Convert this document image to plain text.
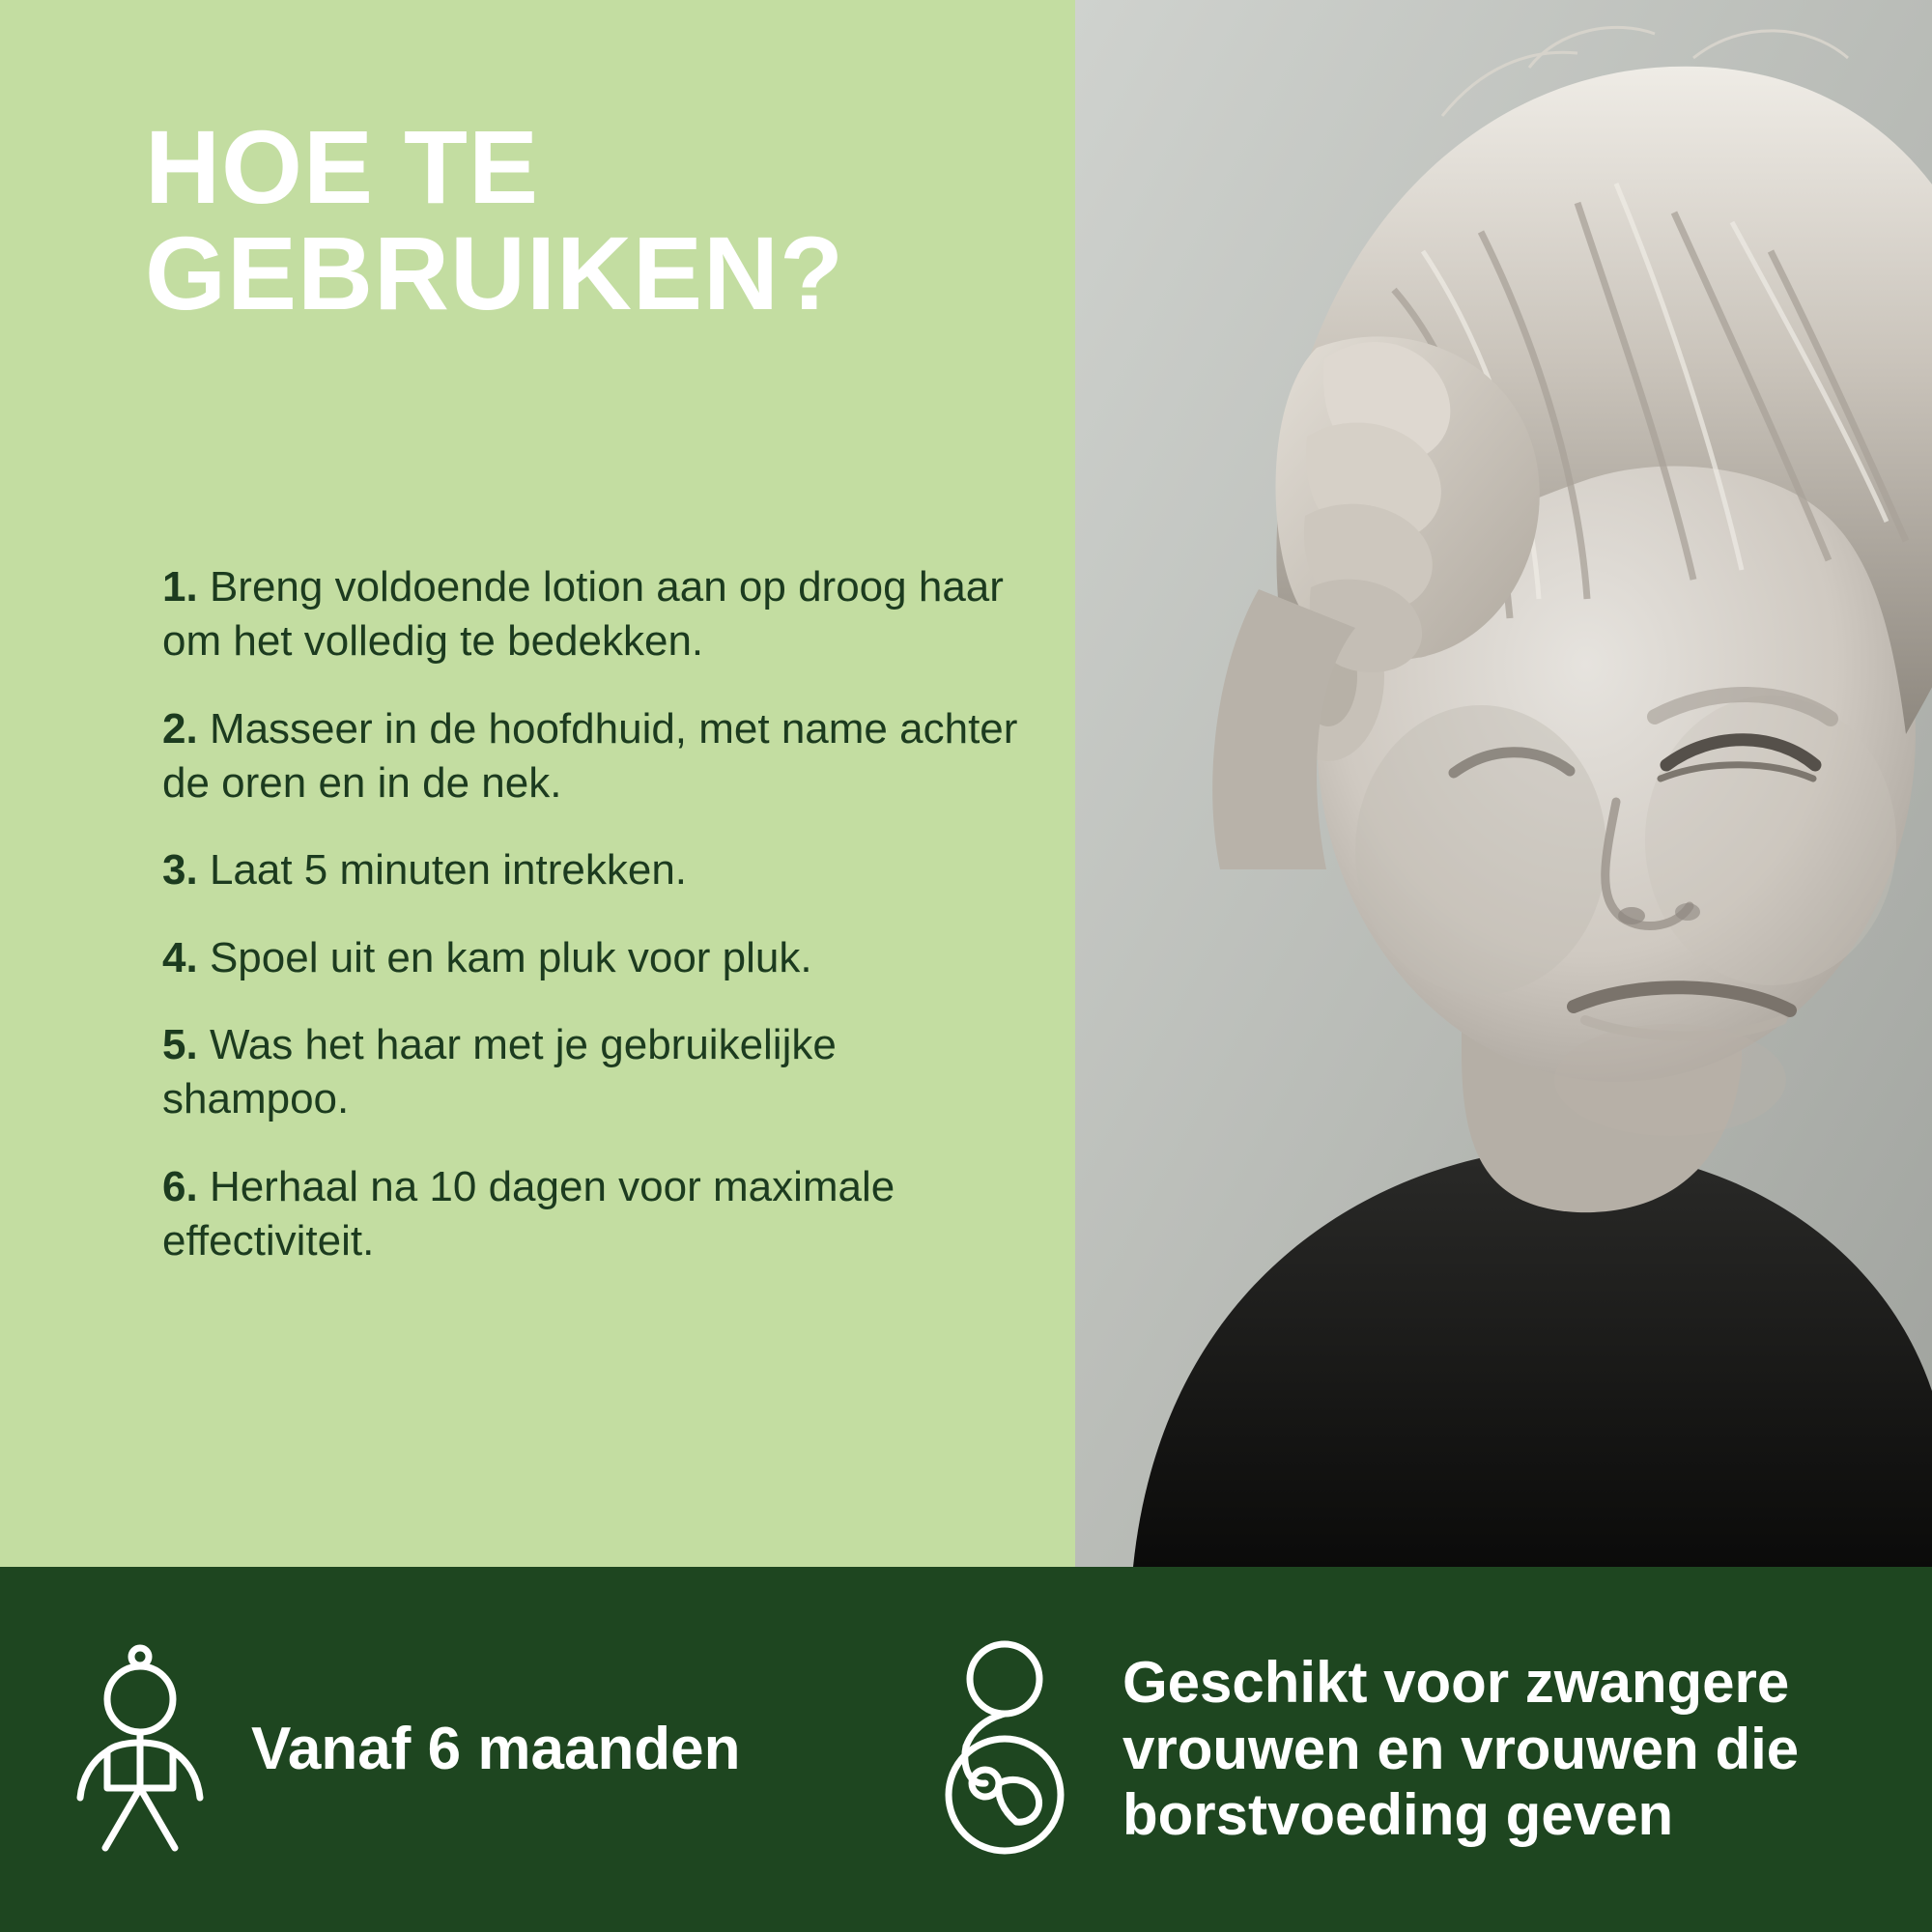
HOE TE
GEBRUIKEN?
1. Breng voldoende lotion aan op droog haar om het volledig te bedekken.
2. Masseer in de hoofdhuid, met name achter de oren en in de nek.
3. Laat 5 minuten intrekken.
4. Spoel uit en kam pluk voor pluk.
5. Was het haar met je gebruikelijke shampoo.
6. Herhaal na 10 dagen voor maximale effectiviteit.
Vanaf 6 maanden
Geschikt voor zwangere vrouwen en vrouwen die borstvoeding geven
